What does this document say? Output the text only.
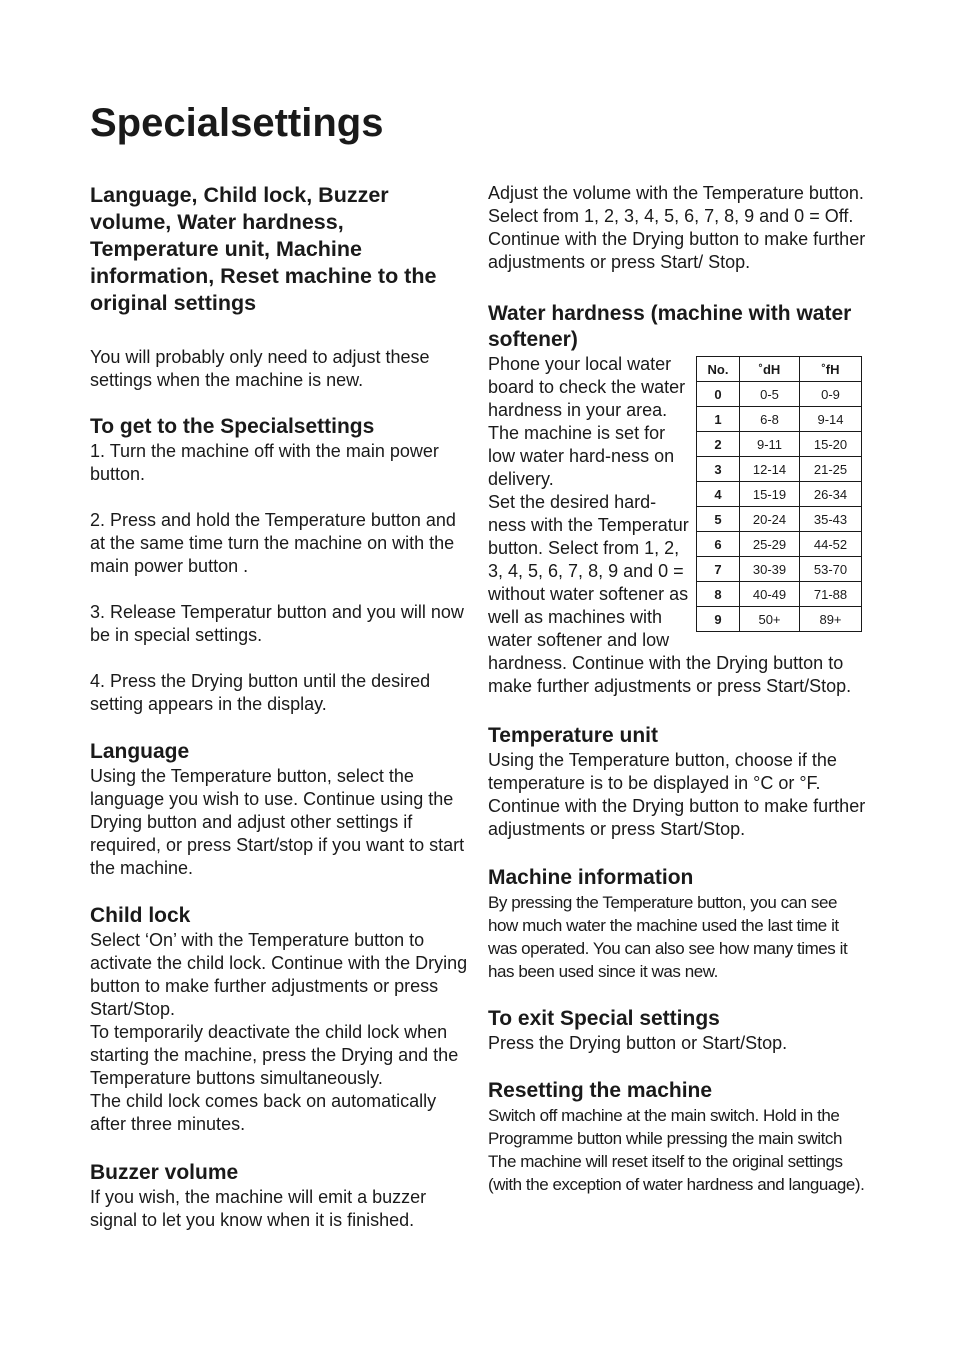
Specialsettings
Language, Child lock, Buzzer volume, Water hardness, Temperature unit, Machine information, Reset machine to the original settings

You will probably only need to adjust these settings when the machine is new.

To get to the Specialsettings

1. Turn the machine off with the main power button.

2. Press and hold the Temperature button and at the same time turn the machine on with the main power button .

3. Release Temperatur button and you will now be in special settings.

4. Press the Drying button until the desired setting appears in the display.

Language

Using the Temperature button, select the language you wish to use. Continue using the Drying button and adjust other settings if required, or press Start/stop if you want to start the machine.

Child lock

Select ‘On’ with the Temperature button to activate the child lock. Continue with the Drying button to make further adjustments or press Start/Stop.
To temporarily deactivate the child lock when starting the machine, press the Drying and the Temperature buttons simultaneously.
The child lock comes back on automatically after three minutes.

Buzzer volume

If you wish, the machine will emit a buzzer signal to let you know when it is finished.

Adjust the volume with the Temperature button. Select from 1, 2, 3, 4, 5, 6, 7, 8, 9 and 0 = Off. Continue with the Drying button to make further adjustments or press Start/ Stop.

Water hardness (machine with water softener)
No.	˚dH	˚fH
0	0-5	0-9
1	6-8	9-14
2	9-11	15-20
3	12-14	21-25
4	15-19	26-34
5	20-24	35-43
6	25-29	44-52
7	30-39	53-70
8	40-49	71-88
9	50+	89+

Phone your local water board to check the water hardness in your area. The machine is set for low water hard-ness on delivery.
Set the desired hard-ness with the Temperatur button. Select from 1, 2, 3, 4, 5, 6, 7, 8, 9 and 0 = without water softener as well as machines with water softener and low hardness. Continue with the Drying button to make further adjustments or press Start/Stop.

Temperature unit

Using the Temperature button, choose if the temperature is to be displayed in °C or °F. Continue with the Drying button to make further adjustments or press Start/Stop.

Machine information

By pressing the Temperature button, you can see how much water the machine used the last time it was operated. You can also see how many times it has been used since it was new.

To exit Special settings

Press the Drying button or Start/Stop.

Resetting the machine

Switch off machine at the main switch. Hold in the Programme button while pressing the main switch The machine will reset itself to the original settings (with the exception of water hardness and language).
